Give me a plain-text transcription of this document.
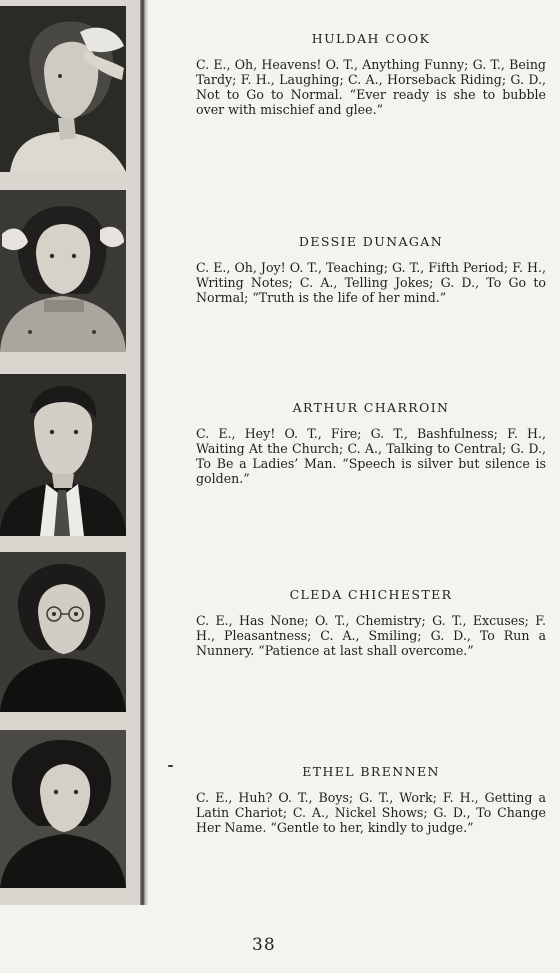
HULDAH COOK
C. E., Oh, Heavens! O. T., Anything Funny; G. T., Being Tardy; F. H., Laughing; C. A., Horseback Riding; G. D., Not to Go to Normal. “Ever ready is she to bubble over with mischief and glee.”
DESSIE DUNAGAN
C. E., Oh, Joy! O. T., Teaching; G. T., Fifth Period; F. H., Writing Notes; C. A., Telling Jokes; G. D., To Go to Normal; “Truth is the life of her mind.”
ARTHUR CHARROIN
C. E., Hey! O. T., Fire; G. T., Bashfulness; F. H., Waiting At the Church; C. A., Talking to Central; G. D., To Be a Ladies’ Man. “Speech is silver but silence is golden.”
CLEDA CHICHESTER
C. E., Has None; O. T., Chemistry; G. T., Excuses; F. H., Pleasantness; C. A., Smiling; G. D., To Run a Nunnery. “Patience at last shall overcome.”
ETHEL BRENNEN
C. E., Huh? O. T., Boys; G. T., Work; F. H., Getting a Latin Chariot; C. A., Nickel Shows; G. D., To Change Her Name. “Gentle to her, kindly to judge.”
38
